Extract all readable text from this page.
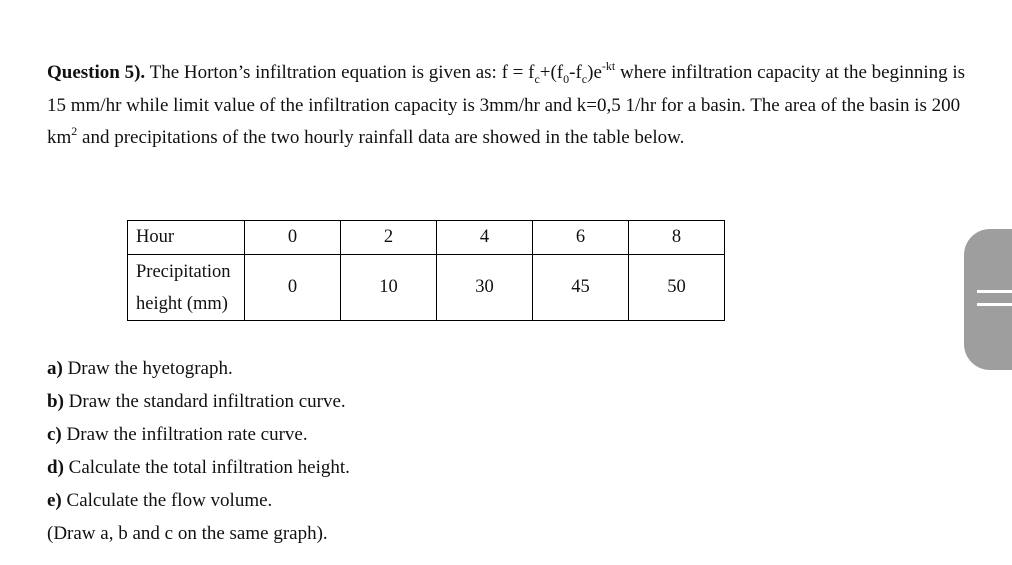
Question 5). The Horton’s infiltration equation is given as: $f = f_c+(f_0-f_c)e^{-kt}$ where infiltration capacity at the beginning is 15 mm/hr while limit value of the infiltration capacity is 3mm/hr and k=0,5 1/hr for a basin. The area of the basin is 200 $km^2$ and precipitations of the two hourly rainfall data are showed in the table below.

Hour	0	2	4	6	8

Precipitation
height (mm)	0	10	30	45	50
a) Draw the hyetograph.
b) Draw the standard infiltration curve.
c) Draw the infiltration rate curve.
d) Calculate the total infiltration height.
e) Calculate the flow volume.
(Draw a, b and c on the same graph).
